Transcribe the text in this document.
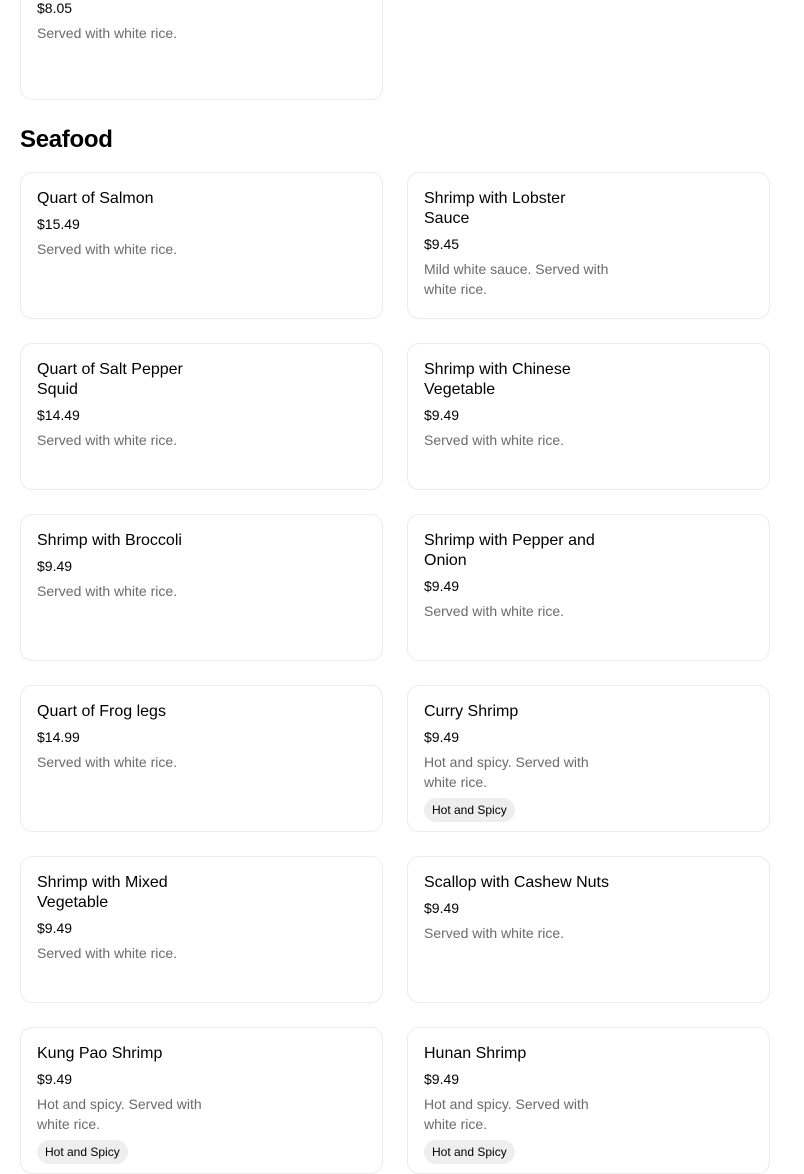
$8.05
Served with white rice.
Seafood
Quart of Salmon
$15.49
Served with white rice.
Shrimp with Lobster Sauce
$9.45
Mild white sauce. Served with white rice.
Quart of Salt Pepper Squid
$14.49
Served with white rice.
Shrimp with Chinese Vegetable
$9.49
Served with white rice.
Shrimp with Broccoli
$9.49
Served with white rice.
Shrimp with Pepper and Onion
$9.49
Served with white rice.
Quart of Frog legs
$14.99
Served with white rice.
Curry Shrimp
$9.49
Hot and spicy. Served with white rice.
Hot and Spicy
Shrimp with Mixed Vegetable
$9.49
Served with white rice.
Scallop with Cashew Nuts
$9.49
Served with white rice.
Kung Pao Shrimp
$9.49
Hot and spicy. Served with white rice.
Hot and Spicy
Hunan Shrimp
$9.49
Hot and spicy. Served with white rice.
Hot and Spicy
